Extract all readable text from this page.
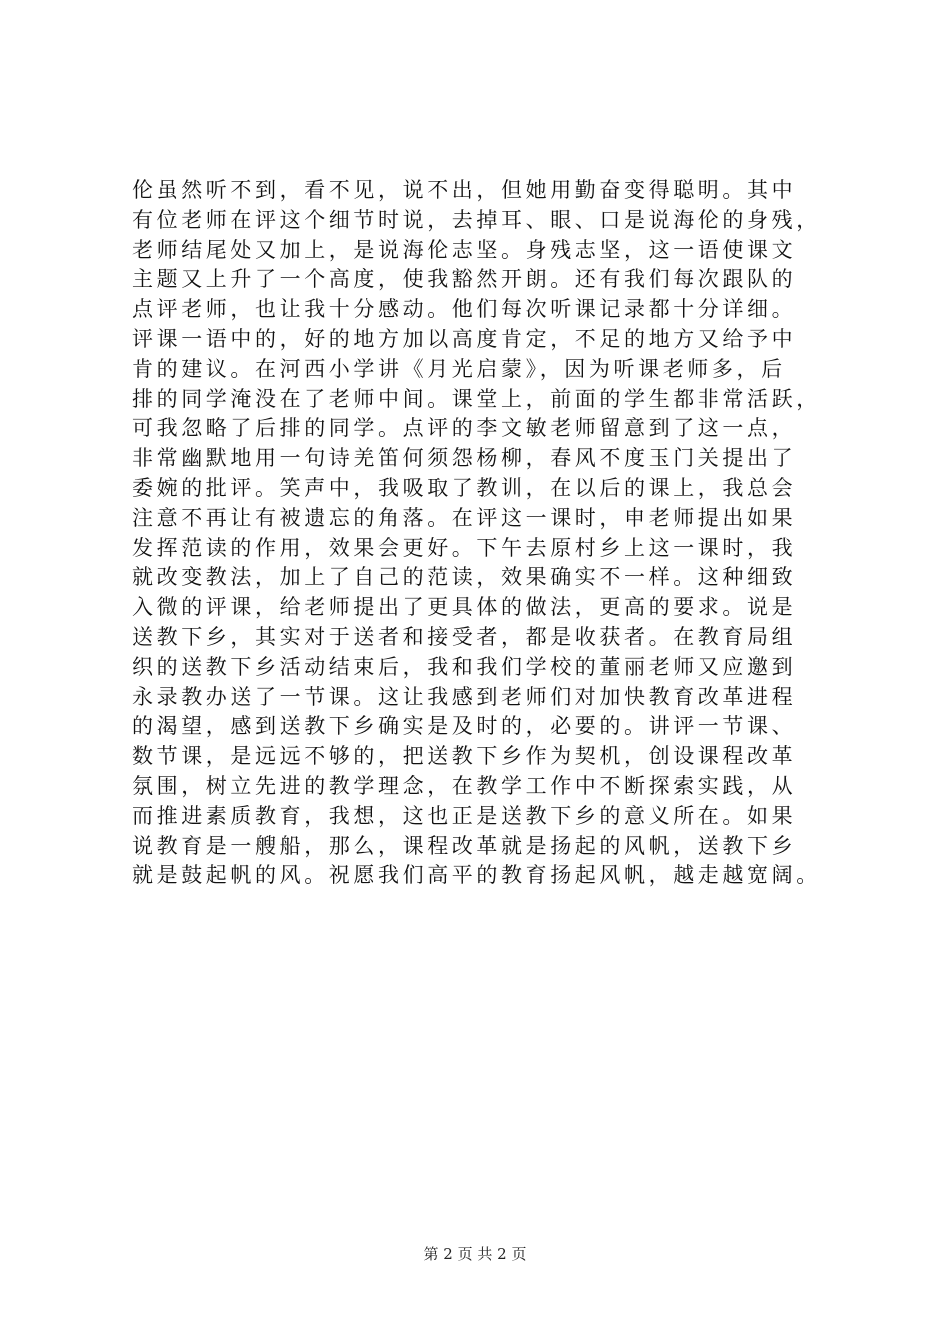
伦虽然听不到，看不见，说不出，但她用勤奋变得聪明。其中
有位老师在评这个细节时说，去掉耳、眼、口是说海伦的身残，
老师结尾处又加上，是说海伦志坚。身残志坚，这一语使课文
主题又上升了一个高度，使我豁然开朗。还有我们每次跟队的
点评老师，也让我十分感动。他们每次听课记录都十分详细。
评课一语中的，好的地方加以高度肯定，不足的地方又给予中
肯的建议。在河西小学讲《月光启蒙》，因为听课老师多，后
排的同学淹没在了老师中间。课堂上，前面的学生都非常活跃，
可我忽略了后排的同学。点评的李文敏老师留意到了这一点，
非常幽默地用一句诗羌笛何须怨杨柳，春风不度玉门关提出了
委婉的批评。笑声中，我吸取了教训，在以后的课上，我总会
注意不再让有被遗忘的角落。在评这一课时，申老师提出如果
发挥范读的作用，效果会更好。下午去原村乡上这一课时，我
就改变教法，加上了自己的范读，效果确实不一样。这种细致
入微的评课，给老师提出了更具体的做法，更高的要求。说是
送教下乡，其实对于送者和接受者，都是收获者。在教育局组
织的送教下乡活动结束后，我和我们学校的董丽老师又应邀到
永录教办送了一节课。这让我感到老师们对加快教育改革进程
的渴望，感到送教下乡确实是及时的，必要的。讲评一节课、
数节课，是远远不够的，把送教下乡作为契机，创设课程改革
氛围，树立先进的教学理念，在教学工作中不断探索实践，从
而推进素质教育，我想，这也正是送教下乡的意义所在。如果
说教育是一艘船，那么，课程改革就是扬起的风帆，送教下乡
就是鼓起帆的风。祝愿我们高平的教育扬起风帆，越走越宽阔。
第 2 页 共 2 页
